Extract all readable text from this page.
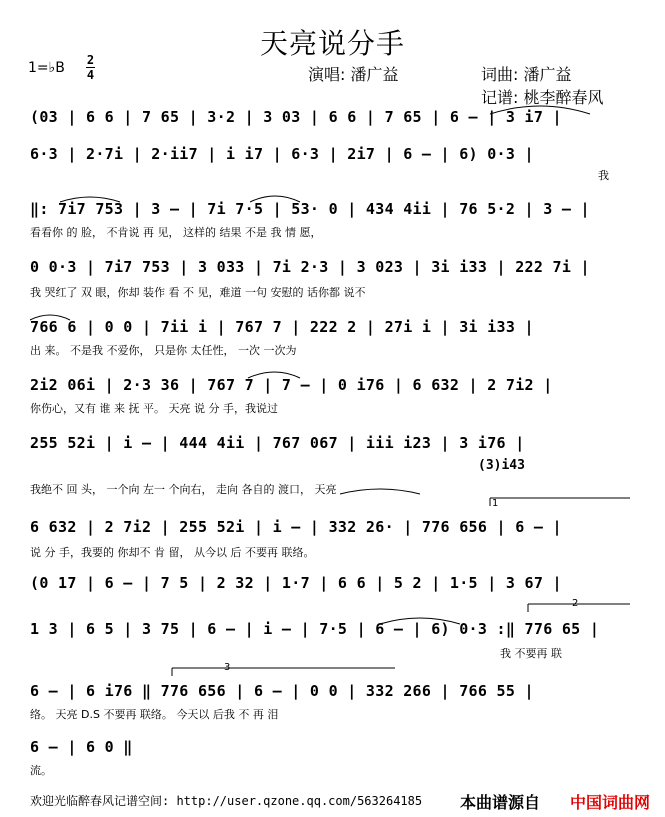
天亮说分手
1=♭B 2
4	演唱: 潘广益	词曲: 潘广益
记谱: 桃李醉春风
(03 | 6 6 | 7 65 | 3·2 | 3 03 | 6 6 | 7 65 | 6 – | 3 i7 |
6·3 | 2·7i | 2·ii7 | i i7 | 6·3 | 2i7 | 6 – | 6) 0·3 |
我
‖: 7i7 753 | 3 – | 7i 7·5 | 53· 0 | 434 4ii | 76 5·2 | 3 – |
看看你 的 脸， 不肯说 再 见， 这样的 结果 不是 我 情 愿，
0 0·3 | 7i7 753 | 3 033 | 7i 2·3 | 3 023 | 3i i33 | 222 7i |
我 哭红了 双 眼，你却 装作 看 不 见，难道 一句 安慰的 话你都 说不
766 6 | 0 0 | 7ii i | 767 7 | 222 2 | 27i i | 3i i33 |
出 来。 不是我 不爱你， 只是你 太任性， 一次 一次为
2i2 06i | 2·3 36 | 767 7 | 7 – | 0 i76 | 6 632 | 2 7i2 |
你伤心，又有 谁 来 抚 平。 天亮 说 分 手，我说过
255 52i | i – | 444 4ii | 767 067 | iii i23 | 3 i76 |
我绝不 回 头， 一个向 左一 个向右， 走向 各自的 渡口， 天亮
6 632 | 2 7i2 | 255 52i | i – | 332 26· | 776 656 | 6 – |
说 分 手，我要的 你却不 肯 留， 从今以 后 不要再 联络。
(0 17 | 6 – | 7 5 | 2 32 | 1·7 | 6 6 | 5 2 | 1·5 | 3 67 |
1 3 | 6 5 | 3 75 | 6 – | i – | 7·5 | 6 – | 6) 0·3 :‖ 776 65 |
我 不要再 联
6 – | 6 i76 ‖ 776 656 | 6 – | 0 0 | 332 266 | 766 55 |
络。 天亮 D.S 不要再 联络。 今天以 后我 不 再 泪
6 – | 6 0 ‖
流。
1
2
3
(3)i43
欢迎光临醉春风记谱空间: http://user.qzone.qq.com/563264185 本曲谱源自 中国词曲网
